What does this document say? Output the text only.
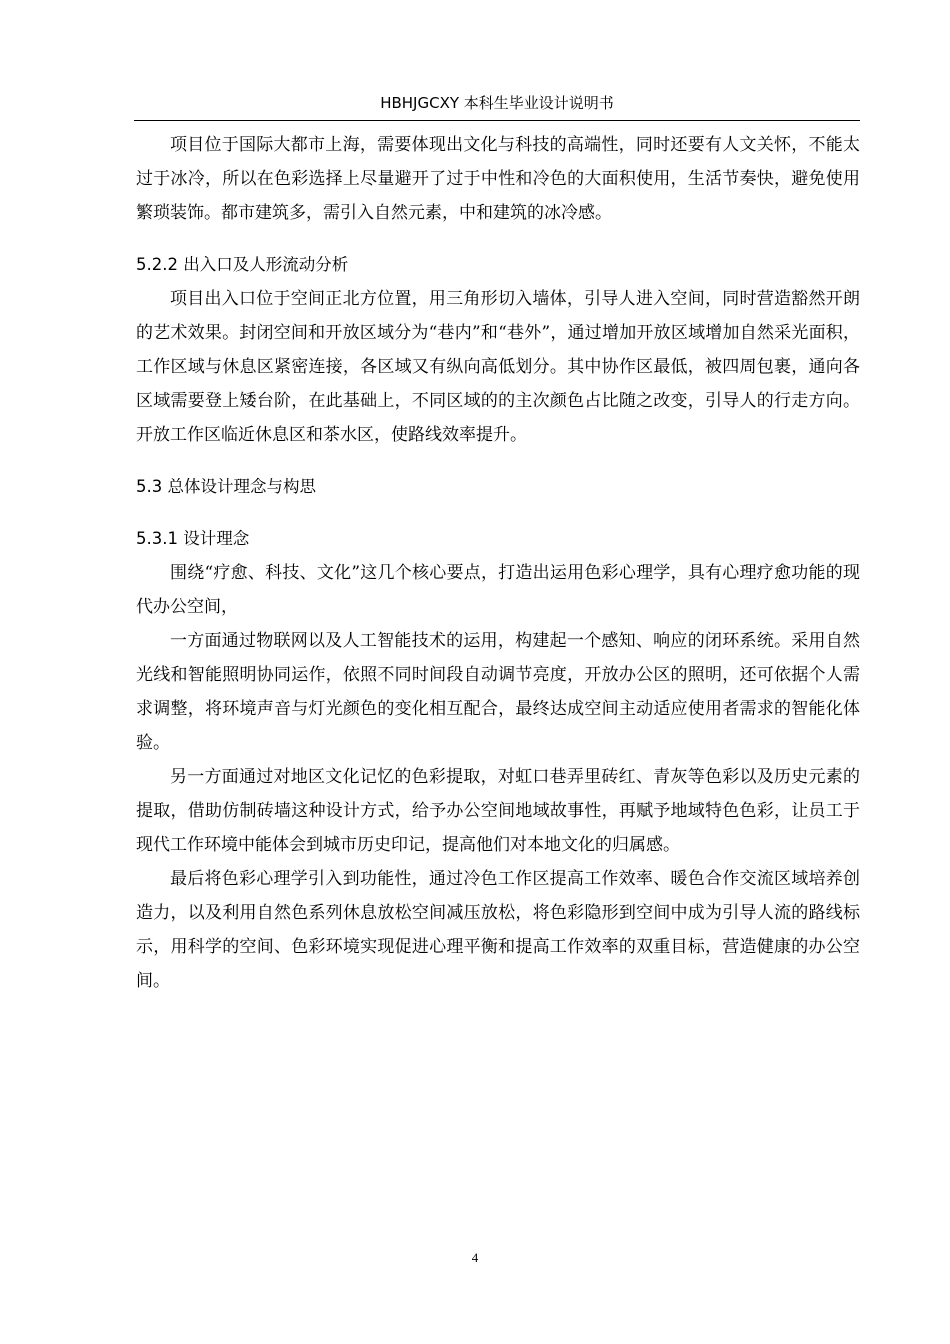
HBHJGCXY 本科生毕业设计说明书

项目位于国际大都市上海，需要体现出文化与科技的高端性，同时还要有人文关怀，不能太过于冰冷，所以在色彩选择上尽量避开了过于中性和冷色的大面积使用，生活节奏快，避免使用繁琐装饰。都市建筑多，需引入自然元素，中和建筑的冰冷感。

5.2.2 出入口及人形流动分析

项目出入口位于空间正北方位置，用三角形切入墙体，引导人进入空间，同时营造豁然开朗的艺术效果。封闭空间和开放区域分为“巷内”和“巷外”，通过增加开放区域增加自然采光面积，工作区域与休息区紧密连接，各区域又有纵向高低划分。其中协作区最低，被四周包裹，通向各区域需要登上矮台阶，在此基础上，不同区域的的主次颜色占比随之改变，引导人的行走方向。开放工作区临近休息区和茶水区，使路线效率提升。

5.3 总体设计理念与构思
5.3.1 设计理念

围绕“疗愈、科技、文化”这几个核心要点，打造出运用色彩心理学，具有心理疗愈功能的现代办公空间，

一方面通过物联网以及人工智能技术的运用，构建起一个感知、响应的闭环系统。采用自然光线和智能照明协同运作，依照不同时间段自动调节亮度，开放办公区的照明，还可依据个人需求调整，将环境声音与灯光颜色的变化相互配合，最终达成空间主动适应使用者需求的智能化体验。

另一方面通过对地区文化记忆的色彩提取，对虹口巷弄里砖红、青灰等色彩以及历史元素的提取，借助仿制砖墙这种设计方式，给予办公空间地域故事性，再赋予地域特色色彩，让员工于现代工作环境中能体会到城市历史印记，提高他们对本地文化的归属感。

最后将色彩心理学引入到功能性，通过冷色工作区提高工作效率、暖色合作交流区域培养创造力，以及利用自然色系列休息放松空间减压放松，将色彩隐形到空间中成为引导人流的路线标示，用科学的空间、色彩环境实现促进心理平衡和提高工作效率的双重目标，营造健康的办公空间。

4
